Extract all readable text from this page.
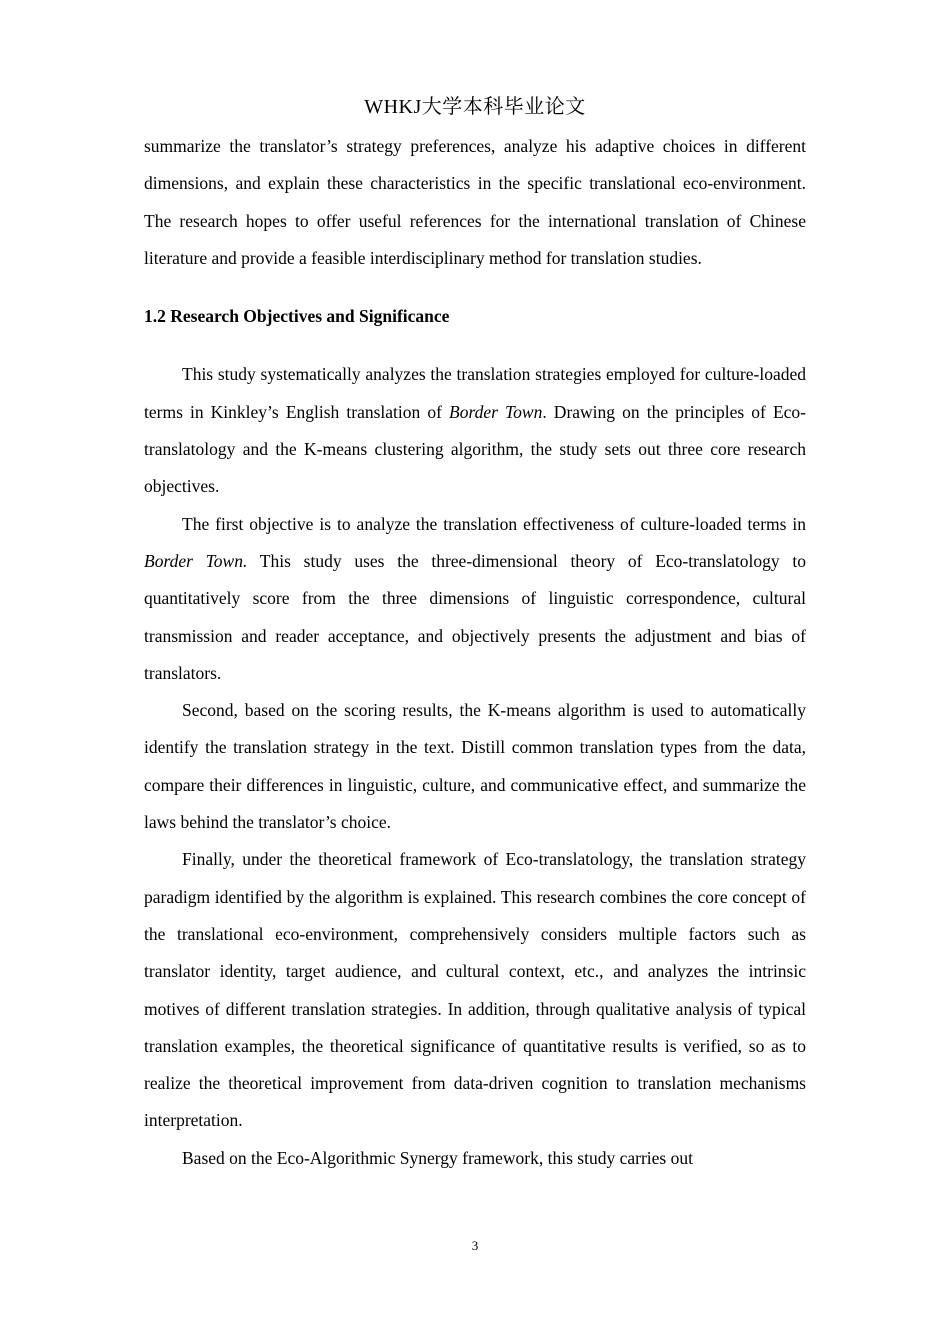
WHKJ大学本科毕业论文

summarize the translator’s strategy preferences, analyze his adaptive choices in different dimensions, and explain these characteristics in the specific translational eco-environment. The research hopes to offer useful references for the international translation of Chinese literature and provide a feasible interdisciplinary method for translation studies.

1.2 Research Objectives and Significance

This study systematically analyzes the translation strategies employed for culture-loaded terms in Kinkley’s English translation of Border Town. Drawing on the principles of Eco-translatology and the K-means clustering algorithm, the study sets out three core research objectives.

The first objective is to analyze the translation effectiveness of culture-loaded terms in Border Town. This study uses the three-dimensional theory of Eco-translatology to quantitatively score from the three dimensions of linguistic correspondence, cultural transmission and reader acceptance, and objectively presents the adjustment and bias of translators.

Second, based on the scoring results, the K-means algorithm is used to automatically identify the translation strategy in the text. Distill common translation types from the data, compare their differences in linguistic, culture, and communicative effect, and summarize the laws behind the translator’s choice.

Finally, under the theoretical framework of Eco-translatology, the translation strategy paradigm identified by the algorithm is explained. This research combines the core concept of the translational eco-environment, comprehensively considers multiple factors such as translator identity, target audience, and cultural context, etc., and analyzes the intrinsic motives of different translation strategies. In addition, through qualitative analysis of typical translation examples, the theoretical significance of quantitative results is verified, so as to realize the theoretical improvement from data-driven cognition to translation mechanisms interpretation.

Based on the Eco-Algorithmic Synergy framework, this study carries out

3
